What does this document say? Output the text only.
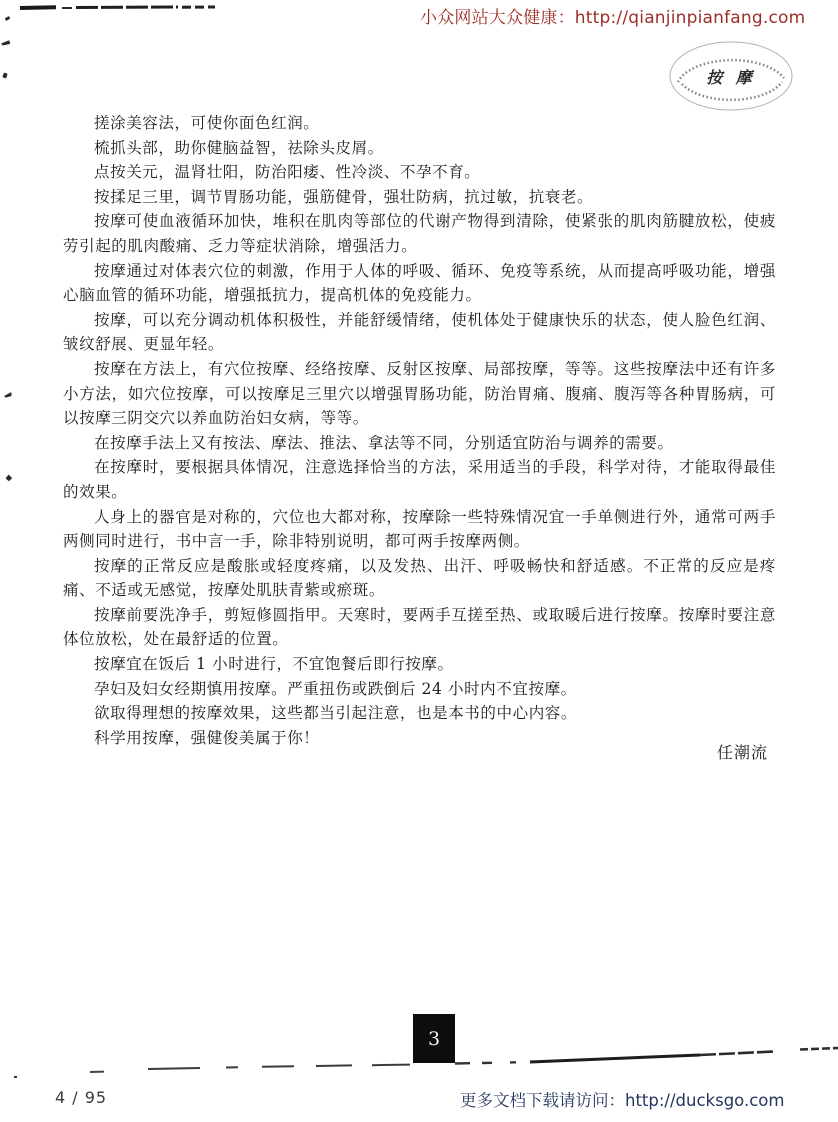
小众网站大众健康：http://qianjinpianfang.com
按 摩

搓涂美容法，可使你面色红润。

梳抓头部，助你健脑益智，祛除头皮屑。

点按关元，温肾壮阳，防治阳痿、性冷淡、不孕不育。

按揉足三里，调节胃肠功能，强筋健骨，强壮防病，抗过敏，抗衰老。

按摩可使血液循环加快，堆积在肌肉等部位的代谢产物得到清除，使紧张的肌肉筋腱放松，使疲劳引起的肌肉酸痛、乏力等症状消除，增强活力。

按摩通过对体表穴位的刺激，作用于人体的呼吸、循环、免疫等系统，从而提高呼吸功能，增强心脑血管的循环功能，增强抵抗力，提高机体的免疫能力。

按摩，可以充分调动机体积极性，并能舒缓情绪，使机体处于健康快乐的状态，使人脸色红润、皱纹舒展、更显年轻。

按摩在方法上，有穴位按摩、经络按摩、反射区按摩、局部按摩，等等。这些按摩法中还有许多小方法，如穴位按摩，可以按摩足三里穴以增强胃肠功能，防治胃痛、腹痛、腹泻等各种胃肠病，可以按摩三阴交穴以养血防治妇女病，等等。

在按摩手法上又有按法、摩法、推法、拿法等不同，分别适宜防治与调养的需要。

在按摩时，要根据具体情况，注意选择恰当的方法，采用适当的手段，科学对待，才能取得最佳的效果。

人身上的器官是对称的，穴位也大都对称，按摩除一些特殊情况宜一手单侧进行外，通常可两手两侧同时进行，书中言一手，除非特别说明，都可两手按摩两侧。

按摩的正常反应是酸胀或轻度疼痛，以及发热、出汗、呼吸畅快和舒适感。不正常的反应是疼痛、不适或无感觉，按摩处肌肤青紫或瘀斑。

按摩前要洗净手，剪短修圆指甲。天寒时，要两手互搓至热、或取暖后进行按摩。按摩时要注意体位放松，处在最舒适的位置。

按摩宜在饭后 1 小时进行，不宜饱餐后即行按摩。

孕妇及妇女经期慎用按摩。严重扭伤或跌倒后 24 小时内不宜按摩。

欲取得理想的按摩效果，这些都当引起注意，也是本书的中心内容。

科学用按摩，强健俊美属于你！

任潮流
3
4 / 95	更多文档下载请访问：http://ducksgo.com
